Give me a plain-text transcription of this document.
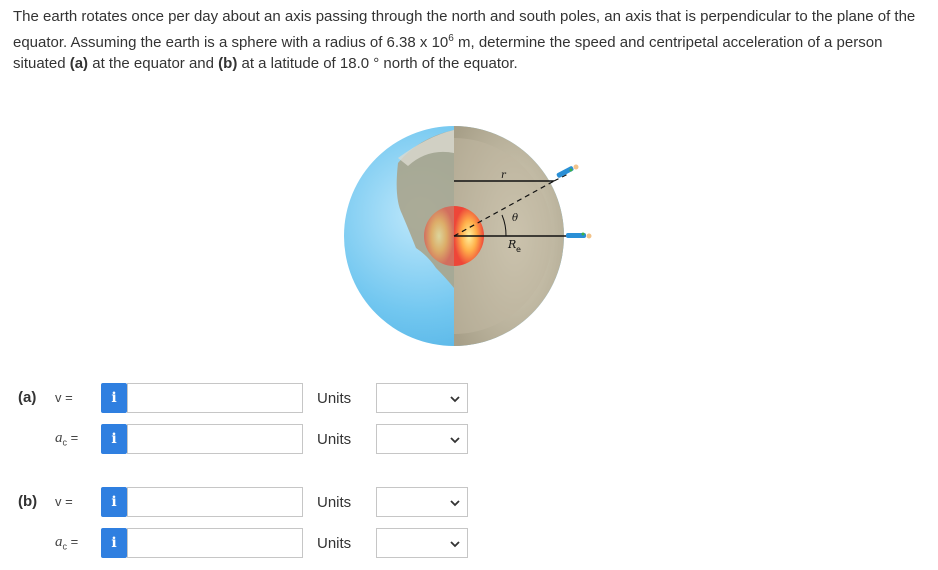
The earth rotates once per day about an axis passing through the north and south poles, an axis that is perpendicular to the plane of the equator. Assuming the earth is a sphere with a radius of 6.38 x $10^6$ m, determine the speed and centripetal acceleration of a person situated (a) at the equator and (b) at a latitude of 18.0 ° north of the equator.
r
θ
R e
(a) v =	i	Units
$a_c$ =	i	Units
(b) v =	i	Units
$a_c$ =	i	Units
